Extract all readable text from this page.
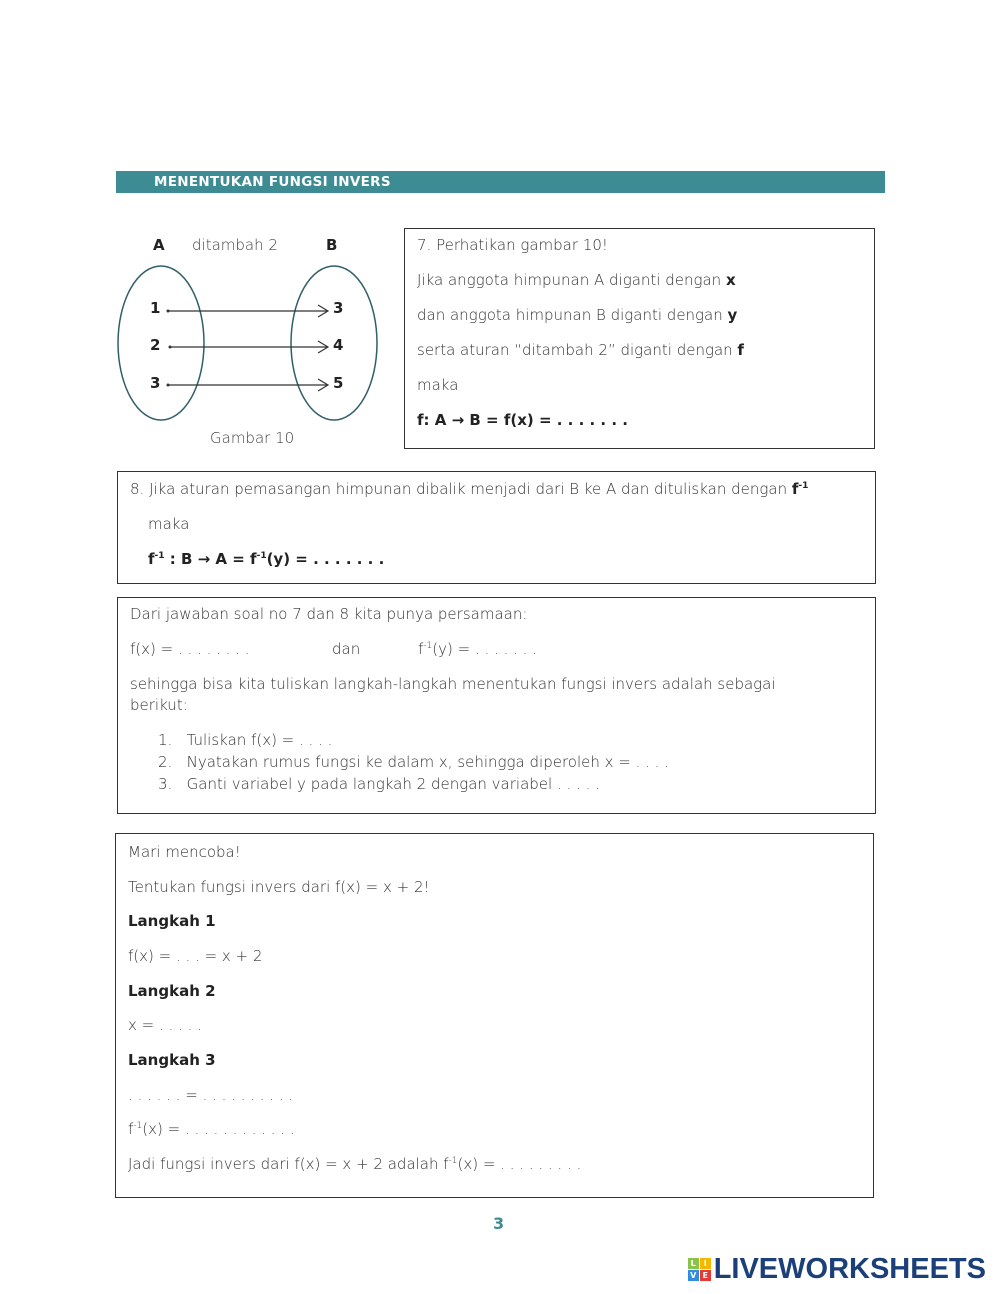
MENENTUKAN FUNGSI INVERS
A ditambah 2	B
1
2
3
3
4
5
Gambar 10
7. Perhatikan gambar 10!
Jika anggota himpunan A diganti dengan x
dan anggota himpunan B diganti dengan y
serta aturan “ditambah 2” diganti dengan f
maka
f: A → B = f(x) = . . . . . . .
8. Jika aturan pemasangan himpunan dibalik menjadi dari B ke A dan dituliskan dengan $f^{-1}$
maka
$f^{-1}$ : $B \to A = f^{-1}(y)$ = . . . . . . .
Dari jawaban soal no 7 dan 8 kita punya persamaan:
f(x) = . . . . . . . .	dan	$f^{-1}(y)$ = . . . . . . .
sehingga bisa kita tuliskan langkah-langkah menentukan fungsi invers adalah sebagai
berikut:
1. Tuliskan f(x) = . . . .
2. Nyatakan rumus fungsi ke dalam x, sehingga diperoleh x = . . . .
3. Ganti variabel y pada langkah 2 dengan variabel . . . . .
Mari mencoba!
Tentukan fungsi invers dari f(x) = x + 2!
Langkah 1
f(x) = . . . = x + 2
Langkah 2
x = . . . . .
Langkah 3
. . . . . . = . . . . . . . . . .
$f^{-1}(x)$ = . . . . . . . . . . . .
Jadi fungsi invers dari f(x) = x + 2 adalah $f^{-1}(x)$ = . . . . . . . . .
3
L I
V E LIVEWORKSHEETS
